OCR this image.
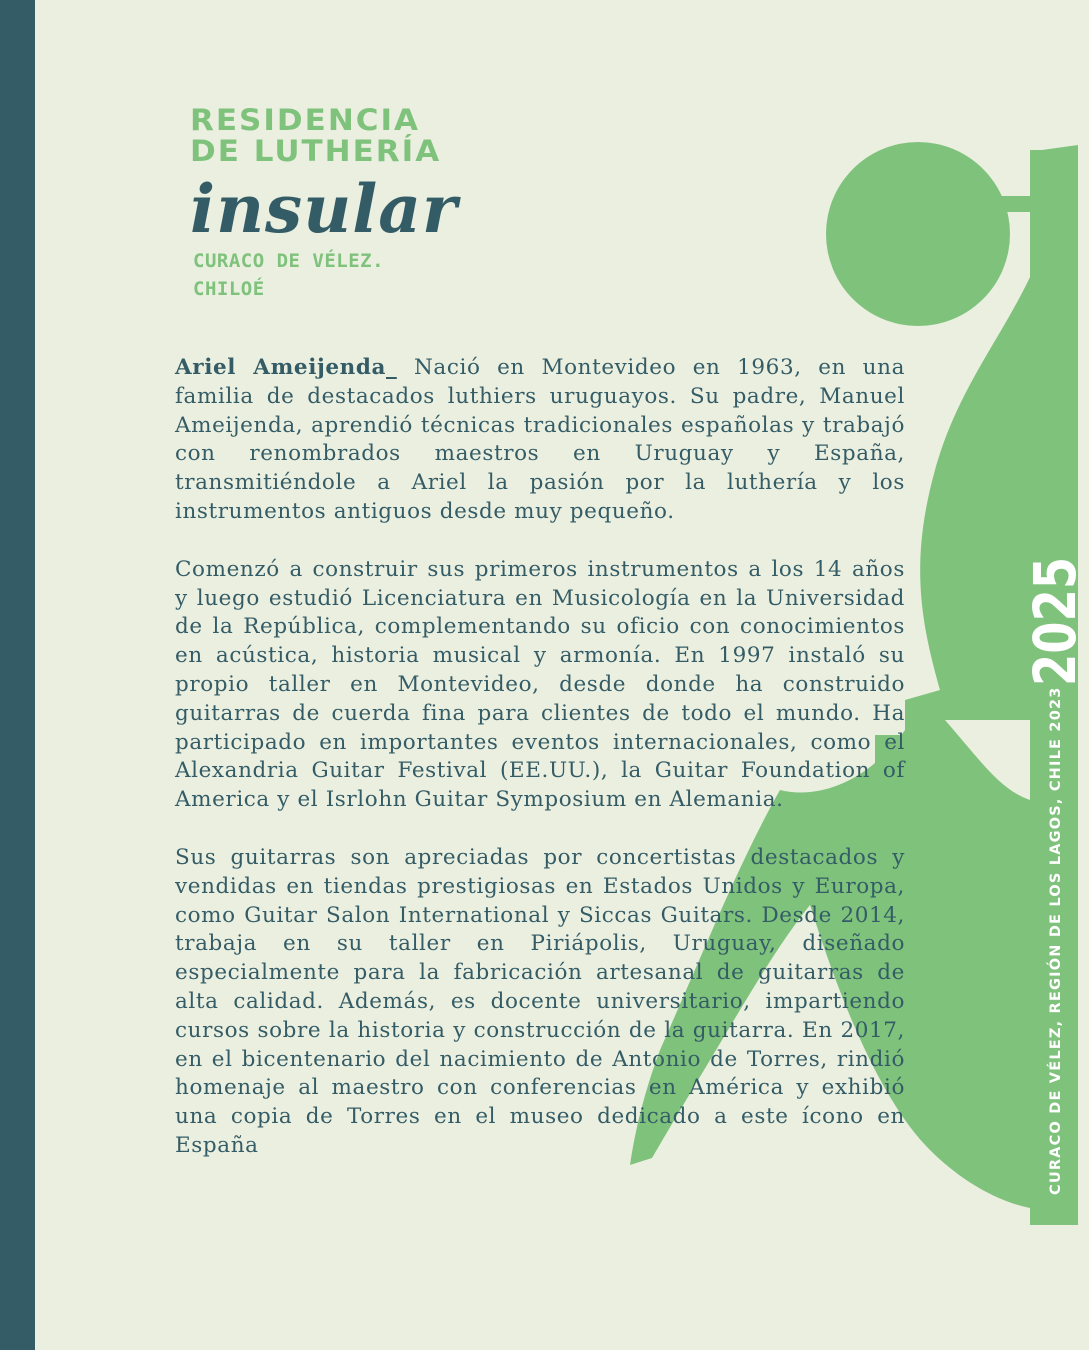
RESIDENCIA
DE LUTHERÍA
insular
CURACO DE VÉLEZ.
CHILOÉ

Ariel Ameijenda_ Nació en Montevideo en 1963, en una familia de destacados luthiers uruguayos. Su padre, Manuel Ameijenda, aprendió técnicas tradicionales españolas y trabajó con renombrados maestros en Uruguay y España, transmitiéndole a Ariel la pasión por la luthería y los instrumentos antiguos desde muy pequeño.

Comenzó a construir sus primeros instrumentos a los 14 años y luego estudió Licenciatura en Musicología en la Universidad de la República, complementando su oficio con conocimientos en acústica, historia musical y armonía. En 1997 instaló su propio taller en Montevideo, desde donde ha construido guitarras de cuerda fina para clientes de todo el mundo. Ha participado en importantes eventos internacionales, como el Alexandria Guitar Festival (EE.UU.), la Guitar Foundation of America y el Isrlohn Guitar Symposium en Alemania.

Sus guitarras son apreciadas por concertistas destacados y vendidas en tiendas prestigiosas en Estados Unidos y Europa, como Guitar Salon International y Siccas Guitars. Desde 2014, trabaja en su taller en Piriápolis, Uruguay, diseñado especialmente para la fabricación artesanal de guitarras de alta calidad. Además, es docente universitario, impartiendo cursos sobre la historia y construcción de la guitarra. En 2017, en el bicentenario del nacimiento de Antonio de Torres, rindió homenaje al maestro con conferencias en América y exhibió una copia de Torres en el museo dedicado a este ícono en España

2025
CURACO DE VÉLEZ, REGIÓN DE LOS LAGOS, CHILE 2023
